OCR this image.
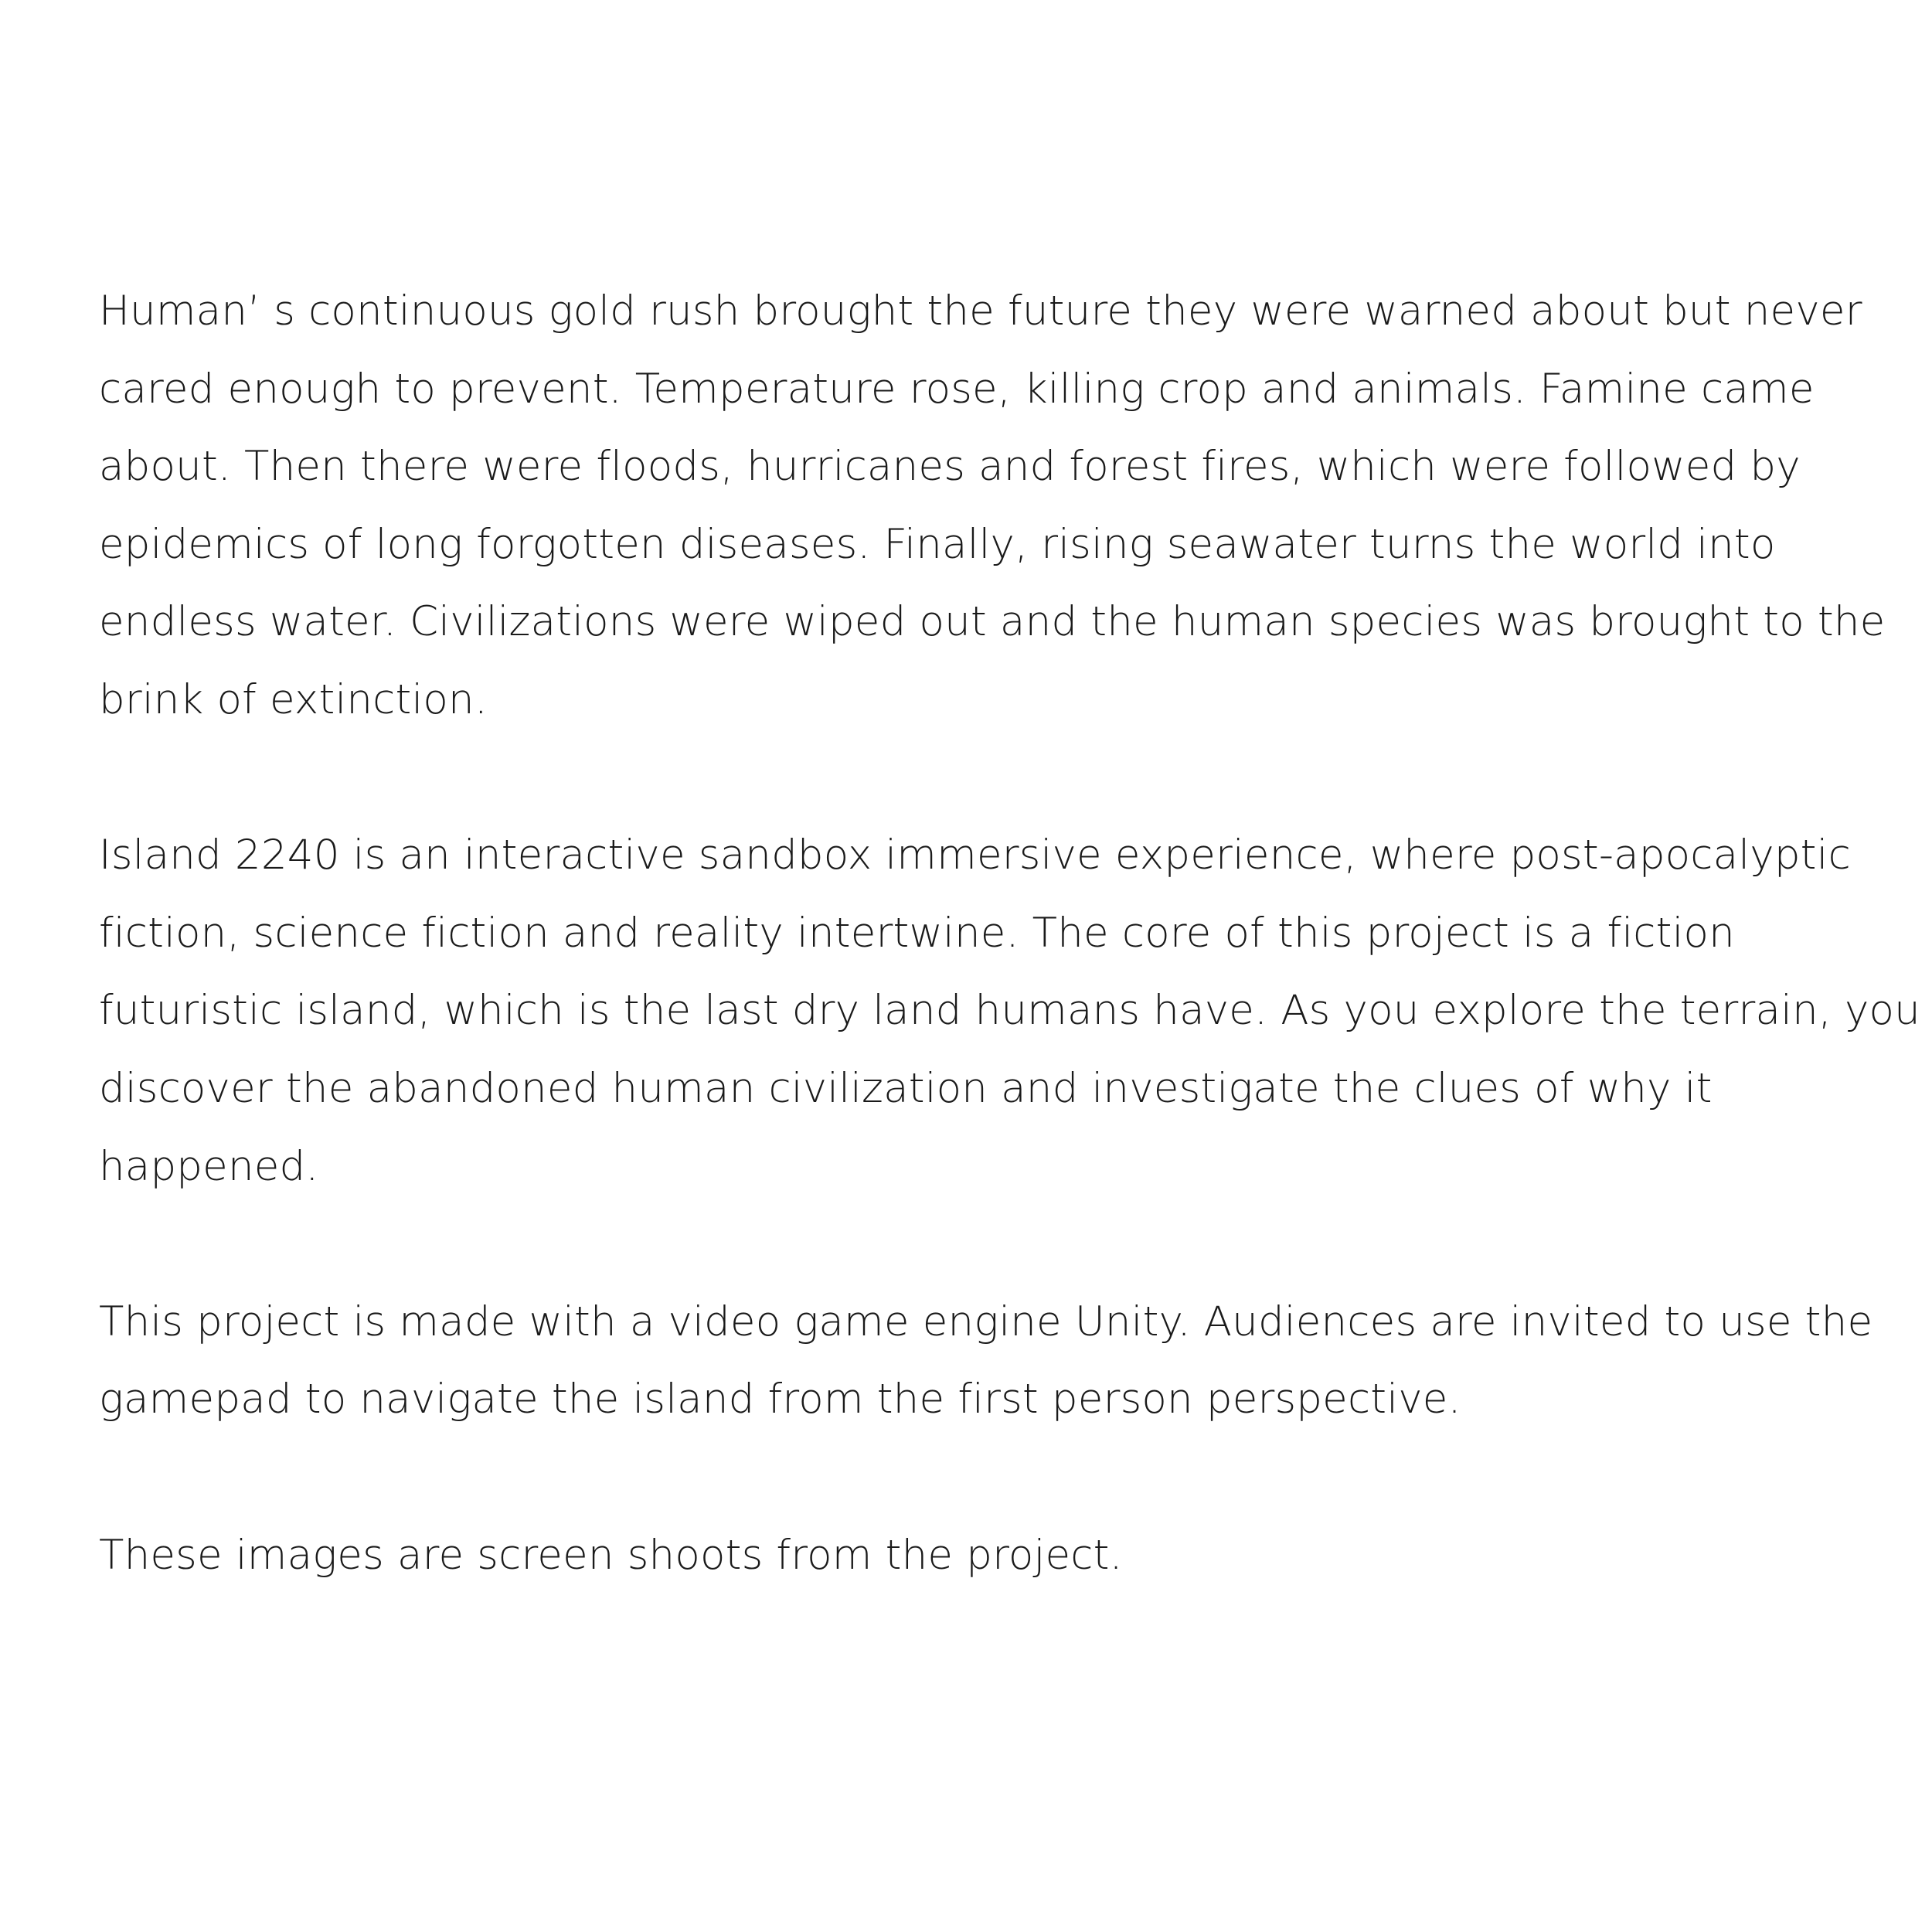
Human’ s continuous gold rush brought the future they were warned about but never
cared enough to prevent. Temperature rose, killing crop and animals. Famine came
about. Then there were floods, hurricanes and forest fires, which were followed by
epidemics of long forgotten diseases. Finally, rising seawater turns the world into
endless water. Civilizations were wiped out and the human species was brought to the
brink of extinction.
Island 2240 is an interactive sandbox immersive experience, where post-apocalyptic
fiction, science fiction and reality intertwine. The core of this project is a fiction
futuristic island, which is the last dry land humans have. As you explore the terrain, you
discover the abandoned human civilization and investigate the clues of why it
happened.
This project is made with a video game engine Unity. Audiences are invited to use the
gamepad to navigate the island from the first person perspective.
These images are screen shoots from the project.
